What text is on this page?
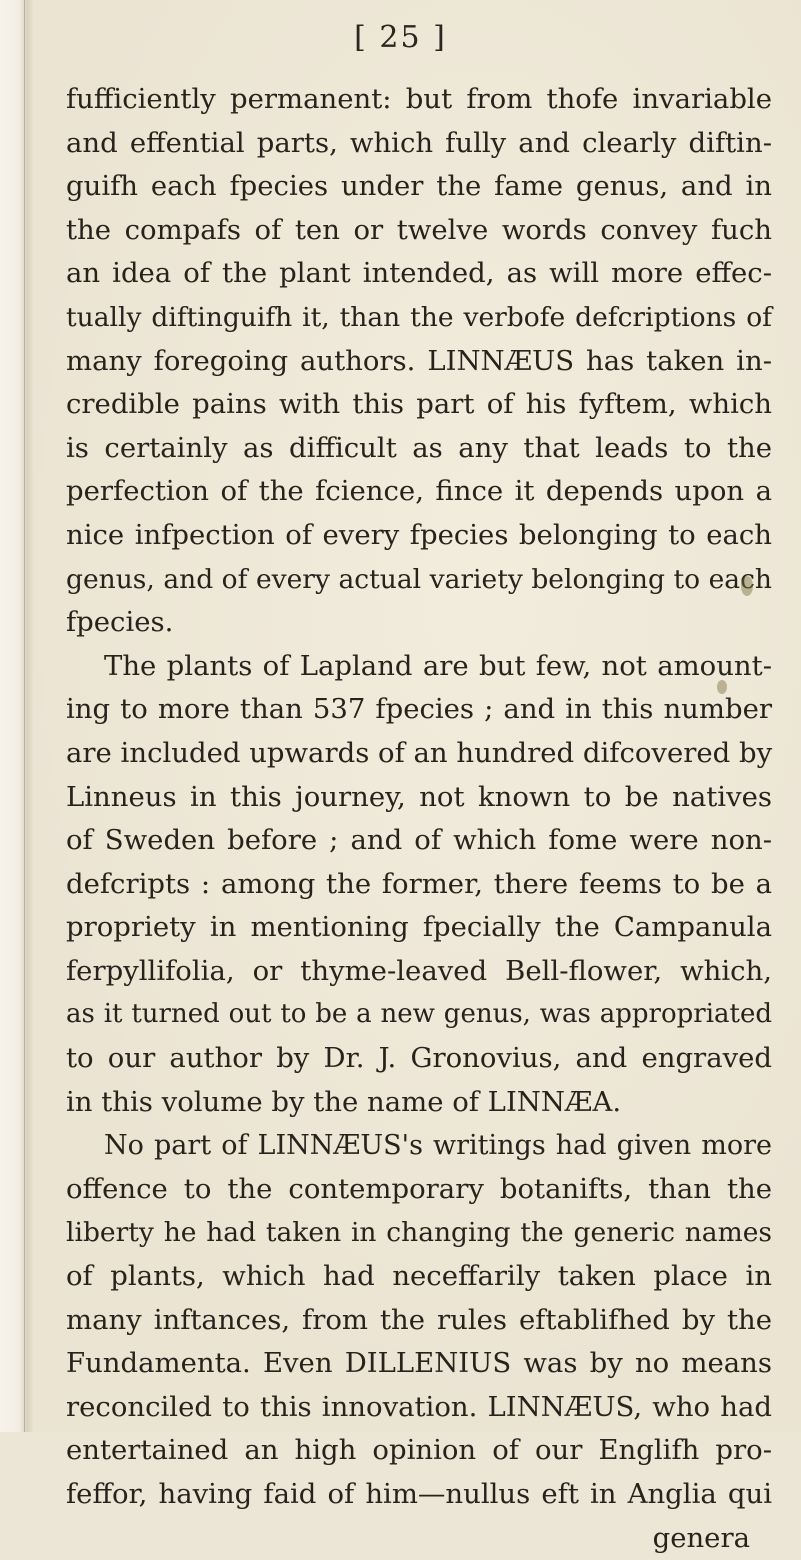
[ 25 ]
fufficiently permanent: but from thofe invariable
and effential parts, which fully and clearly diftin-
guifh each fpecies under the fame genus, and in
the compafs of ten or twelve words convey fuch
an idea of the plant intended, as will more effec-
tually diftinguifh it, than the verbofe defcriptions of
many foregoing authors. LINNÆUS has taken in-
credible pains with this part of his fyftem, which
is certainly as difficult as any that leads to the
perfection of the fcience, fince it depends upon a
nice infpection of every fpecies belonging to each
genus, and of every actual variety belonging to each
fpecies.
The plants of Lapland are but few, not amount-
ing to more than 537 fpecies ; and in this number
are included upwards of an hundred difcovered by
Linneus in this journey, not known to be natives
of Sweden before ; and of which fome were non-
defcripts : among the former, there feems to be a
propriety in mentioning fpecially the Campanula
ferpyllifolia, or thyme-leaved Bell-flower, which,
as it turned out to be a new genus, was appropriated
to our author by Dr. J. Gronovius, and engraved
in this volume by the name of LINNÆA.
No part of LINNÆUS's writings had given more
offence to the contemporary botanifts, than the
liberty he had taken in changing the generic names
of plants, which had neceffarily taken place in
many inftances, from the rules eftablifhed by the
Fundamenta. Even DILLENIUS was by no means
reconciled to this innovation. LINNÆUS, who had
entertained an high opinion of our Englifh pro-
feffor, having faid of him—nullus eft in Anglia qui
genera
